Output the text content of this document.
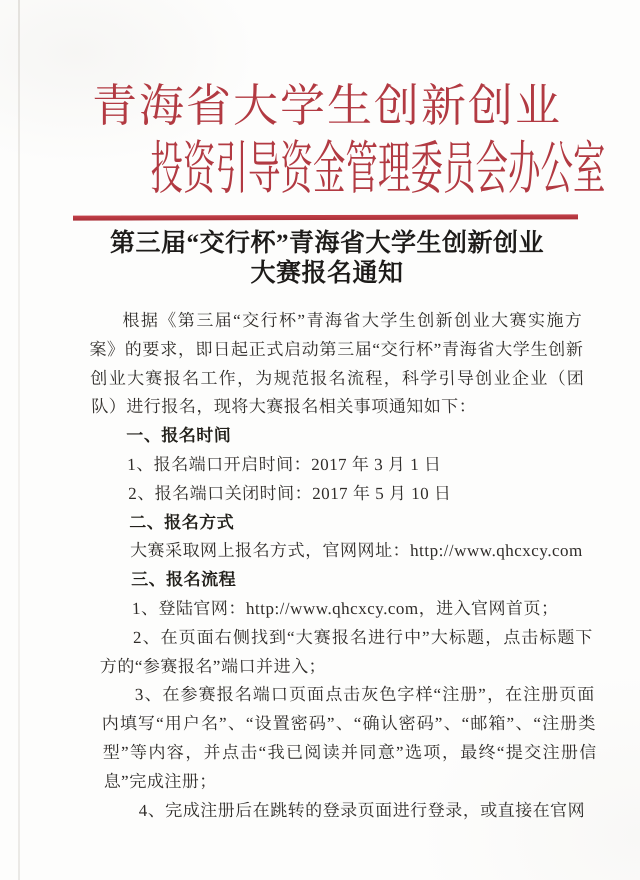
青海省大学生创新创业
投资引导资金管理委员会办公室
第三届“交行杯”青海省大学生创新创业
大赛报名通知

根据《第三届“交行杯”青海省大学生创新创业大赛实施方案》的要求，即日起正式启动第三届“交行杯”青海省大学生创新创业大赛报名工作，为规范报名流程，科学引导创业企业（团队）进行报名，现将大赛报名相关事项通知如下：

一、报名时间

1、报名端口开启时间：2017 年 3 月 1 日

2、报名端口关闭时间：2017 年 5 月 10 日

二、报名方式

大赛采取网上报名方式，官网网址：http://www.qhcxcy.com

三、报名流程

1、登陆官网：http://www.qhcxcy.com，进入官网首页；

2、在页面右侧找到“大赛报名进行中”大标题，点击标题下方的“参赛报名”端口并进入；

3、在参赛报名端口页面点击灰色字样“注册”，在注册页面内填写“用户名”、“设置密码”、“确认密码”、“邮箱”、“注册类型”等内容，并点击“我已阅读并同意”选项，最终“提交注册信息”完成注册；

4、完成注册后在跳转的登录页面进行登录，或直接在官网
